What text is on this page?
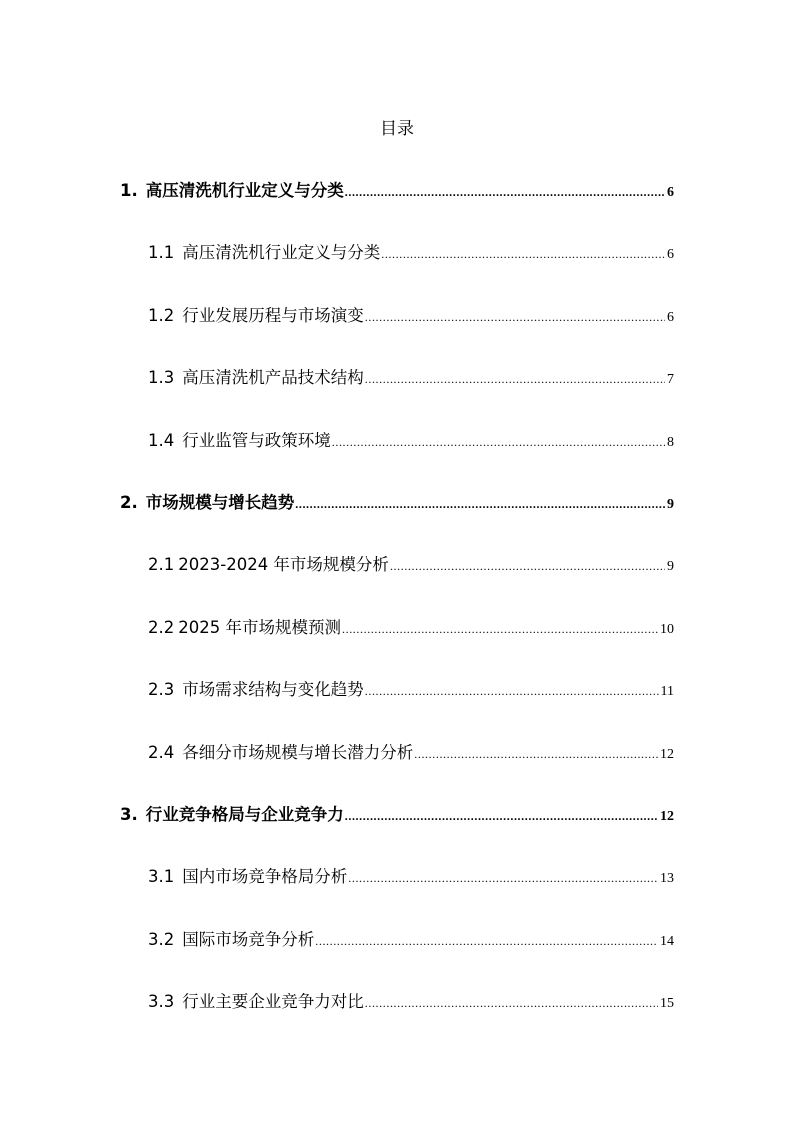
目录
1. 高压清洗机行业定义与分类 .....	6
1.1 高压清洗机行业定义与分类 .....	6
1.2 行业发展历程与市场演变 .....	6
1.3 高压清洗机产品技术结构 .....	7
1.4 行业监管与政策环境 .....	8
2. 市场规模与增长趋势 .....	9
2.1 2023-2024 年市场规模分析 .....	9
2.2 2025 年市场规模预测 .....	10
2.3 市场需求结构与变化趋势 .....	11
2.4 各细分市场规模与增长潜力分析 .....	12
3. 行业竞争格局与企业竞争力 .....	12
3.1 国内市场竞争格局分析 .....	13
3.2 国际市场竞争分析 .....	14
3.3 行业主要企业竞争力对比 .....	15
